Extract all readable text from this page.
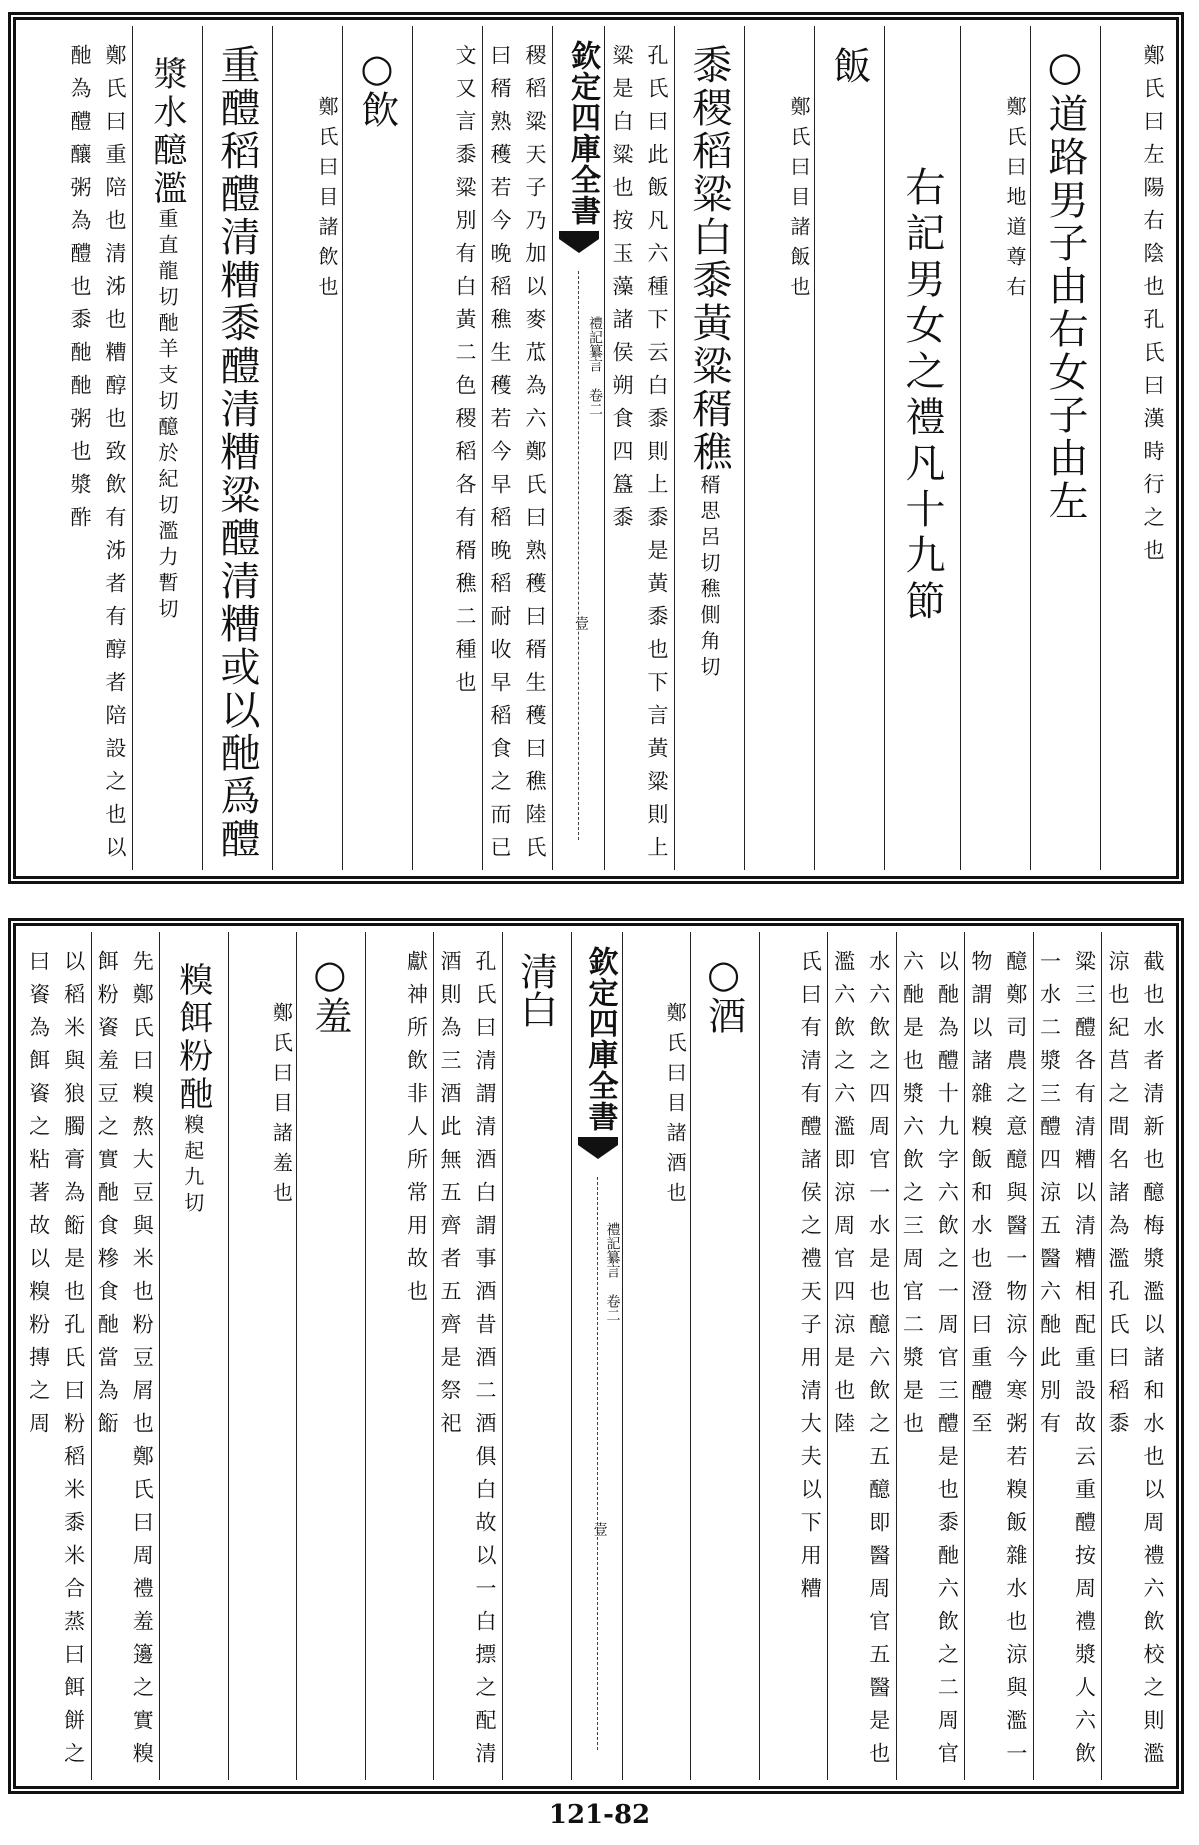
鄭氏曰左陽右陰也孔氏曰漢時行之也
○道路男子由右女子由左
鄭氏曰地道尊右
右記男女之禮凡十九節
飯
鄭氏曰目諸飯也
黍稷稻粱白黍黃粱稰穛稰思呂切穛側角切
孔氏曰此飯凡六種下云白黍則上黍是黃黍也下言黃粱則上粱是白粱也按玉藻諸侯朔食四簋黍
欽定四庫全書
禮記纂言 卷二
壹
稷稻粱天子乃加以麥苽為六鄭氏曰熟穫曰稰生穫曰穛陸氏曰稰熟穫若今晚稻穛生穫若今早稻晚稻耐收早稻食之而已
文又言黍粱別有白黃二色稷稻各有稰穛二種也
○飲
鄭氏曰目諸飲也
重醴稻醴清糟黍醴清糟粱醴清糟或以酏爲醴
漿水醷濫重直龍切酏羊支切醷於紀切濫力暫切
鄭氏曰重陪也清泲也糟醇也致飲有泲者有醇者陪設之也以酏為醴釀粥為醴也黍酏酏粥也漿酢
截也水者清新也醷梅漿濫以諸和水也以周禮六飲校之則濫涼也紀莒之間名諸為濫孔氏曰稻黍
粱三醴各有清糟以清糟相配重設故云重醴按周禮漿人六飲一水二漿三醴四涼五醫六酏此別有
醷鄭司農之意醷與醫一物涼今寒粥若糗飯雜水也涼與濫一物謂以諸雜糗飯和水也澄曰重醴至
以酏為醴十九字六飲之一周官三醴是也黍酏六飲之二周官六酏是也漿六飲之三周官二漿是也
水六飲之四周官一水是也醷六飲之五醷即醫周官五醫是也濫六飲之六濫即涼周官四涼是也陸
氏曰有清有醴諸侯之禮天子用清大夫以下用糟
○酒
鄭氏曰目諸酒也
欽定四庫全書
禮記纂言 卷二
壹
清白
孔氏曰清謂清酒白謂事酒昔酒二酒俱白故以一白摽之配清酒則為三酒此無五齊者五齊是祭祀
獻神所飲非人所常用故也
○羞
鄭氏曰目諸羞也
糗餌粉酏糗起九切
先鄭氏曰糗熬大豆與米也粉豆屑也鄭氏曰周禮羞籩之實糗餌粉餈羞豆之實酏食糝食酏當為餰
以稻米與狼臅膏為餰是也孔氏曰粉稻米黍米合蒸曰餌餅之曰餈為餌餈之粘著故以糗粉摶之周
121-82
